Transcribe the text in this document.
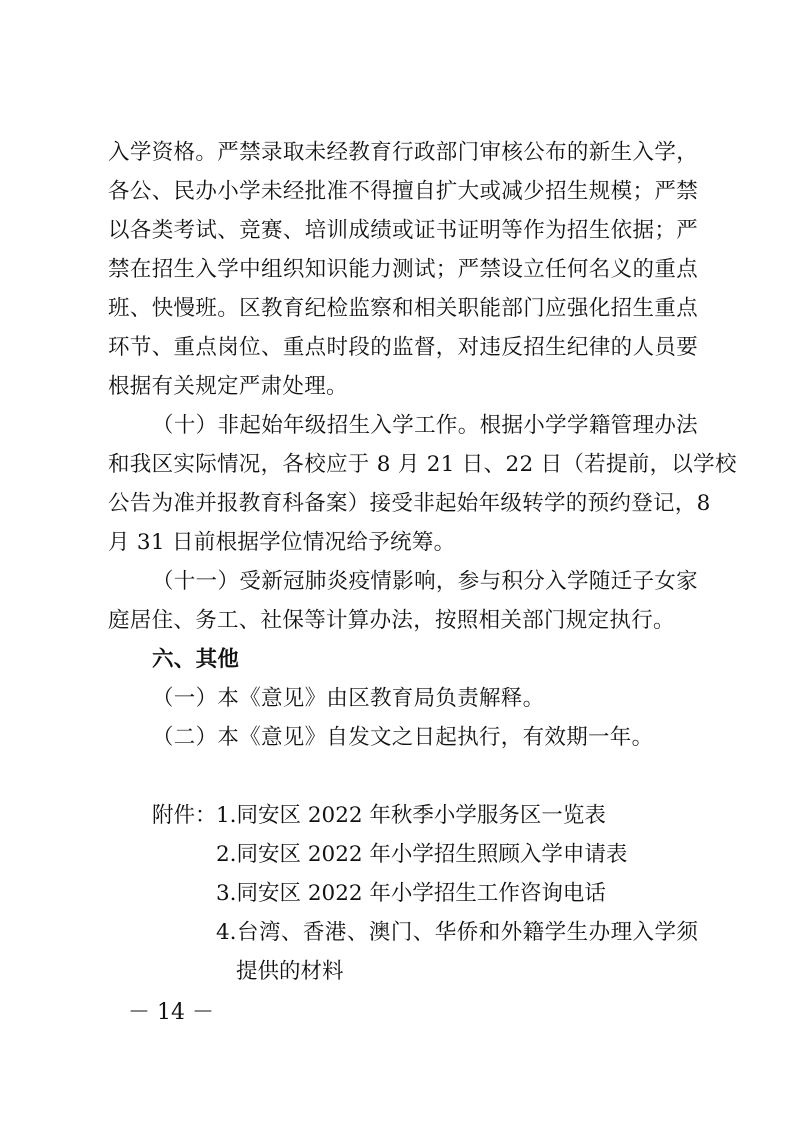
入学资格。严禁录取未经教育行政部门审核公布的新生入学，
各公、民办小学未经批准不得擅自扩大或减少招生规模；严禁
以各类考试、竞赛、培训成绩或证书证明等作为招生依据；严
禁在招生入学中组织知识能力测试；严禁设立任何名义的重点
班、快慢班。区教育纪检监察和相关职能部门应强化招生重点
环节、重点岗位、重点时段的监督，对违反招生纪律的人员要
根据有关规定严肃处理。
（十）非起始年级招生入学工作。根据小学学籍管理办法
和我区实际情况，各校应于 8 月 21 日、22 日（若提前，以学校
公告为准并报教育科备案）接受非起始年级转学的预约登记，8
月 31 日前根据学位情况给予统筹。
（十一）受新冠肺炎疫情影响，参与积分入学随迁子女家
庭居住、务工、社保等计算办法，按照相关部门规定执行。
六、其他
（一）本《意见》由区教育局负责解释。
（二）本《意见》自发文之日起执行，有效期一年。
附件： 1.同安区 2022 年秋季小学服务区一览表
2.同安区 2022 年小学招生照顾入学申请表
3.同安区 2022 年小学招生工作咨询电话
4.台湾、香港、澳门、华侨和外籍学生办理入学须
提供的材料
－ 14 －
